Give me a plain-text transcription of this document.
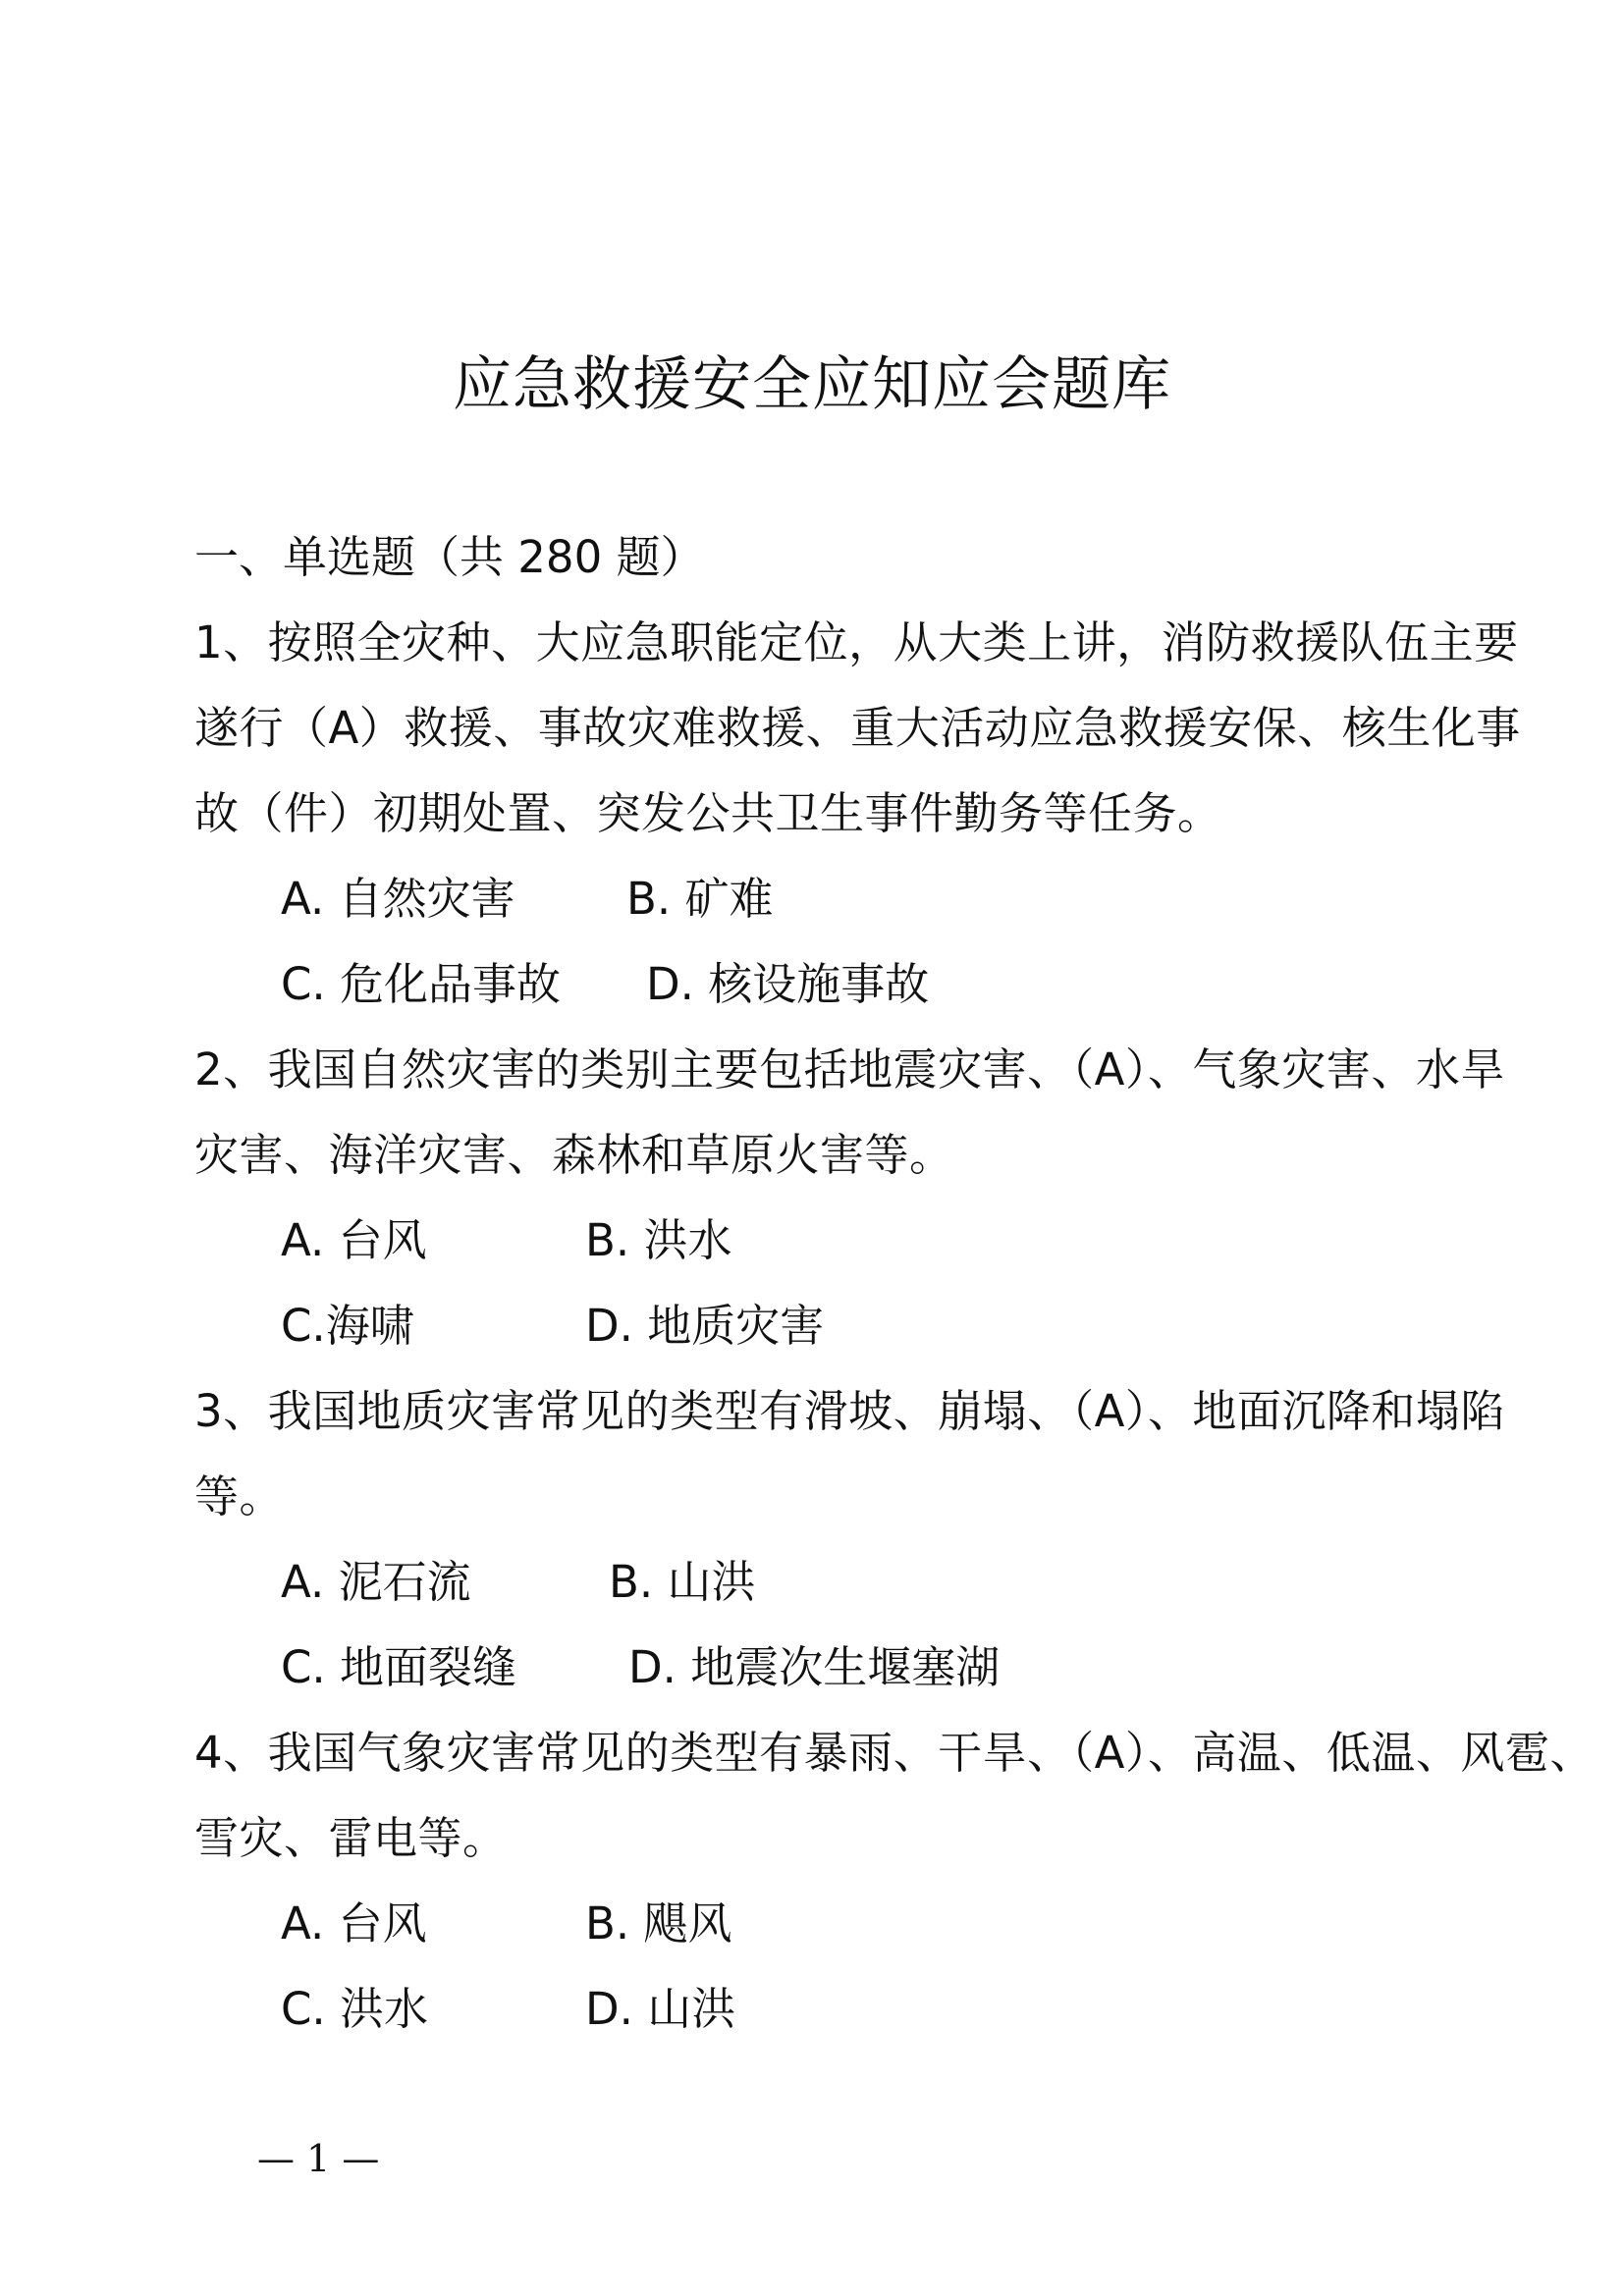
应急救援安全应知应会题库
一、单选题（共 280 题）
1、按照全灾种、大应急职能定位，从大类上讲，消防救援队伍主要
遂行（A）救援、事故灾难救援、重大活动应急救援安保、核生化事
故（件）初期处置、突发公共卫生事件勤务等任务。
A. 自然灾害	B. 矿难
C. 危化品事故 D. 核设施事故
2、我国自然灾害的类别主要包括地震灾害、（A）、气象灾害、水旱
灾害、海洋灾害、森林和草原火害等。
A. 台风	B. 洪水
C.海啸	D. 地质灾害
3、我国地质灾害常见的类型有滑坡、崩塌、（A）、地面沉降和塌陷
等。
A. 泥石流	B. 山洪
C. 地面裂缝	D. 地震次生堰塞湖
4、我国气象灾害常见的类型有暴雨、干旱、（A）、高温、低温、风雹、
雪灾、雷电等。
A. 台风	B. 飓风
C. 洪水	D. 山洪
— 1 —
